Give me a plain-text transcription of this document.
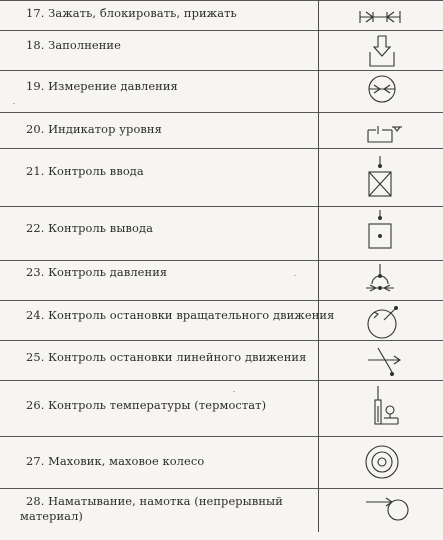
17. Зажать, блокировать, прижать
18. Заполнение
19. Измерение давления
20. Индикатор уровня
21. Контроль ввода
22. Контроль вывода
23. Контроль давления
24. Контроль остановки вращательного движения
25. Контроль остановки линейного движения
26. Контроль температуры (термостат)
27. Маховик, маховое колесо
28. Наматывание, намотка (непрерывный материал)
